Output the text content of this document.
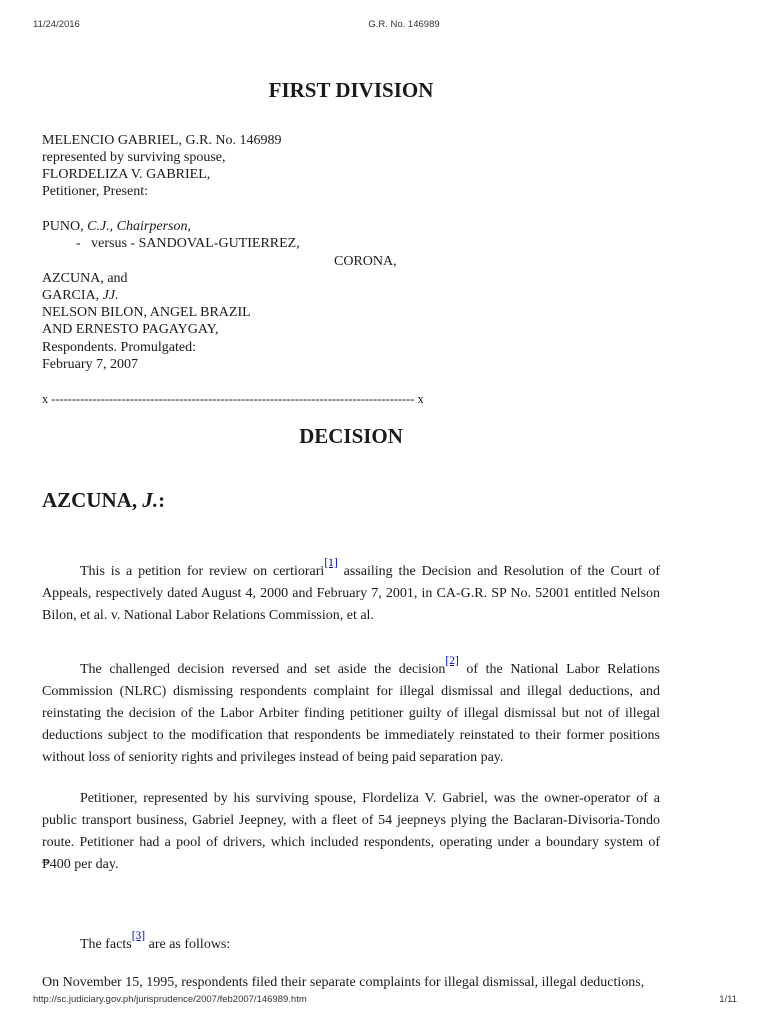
11/24/2016	G.R. No. 146989
FIRST DIVISION
MELENCIO GABRIEL, G.R. No. 146989
represented by surviving spouse,
FLORDELIZA V. GABRIEL,
Petitioner, Present:
PUNO, C.J., Chairperson,
-   versus - SANDOVAL-GUTIERREZ,
CORONA,
AZCUNA, and
GARCIA, JJ.
NELSON BILON, ANGEL BRAZIL
AND ERNESTO PAGAYGAY,
Respondents. Promulgated:
February 7, 2007
x ---------------------------------------------------------------------------------------- x
DECISION
AZCUNA, J.:

This is a petition for review on certiorari[1] assailing the Decision and Resolution of the Court of Appeals, respectively dated August 4, 2000 and February 7, 2001, in CA-G.R. SP No. 52001 entitled Nelson Bilon, et al. v. National Labor Relations Commission, et al.

The challenged decision reversed and set aside the decision[2] of the National Labor Relations Commission (NLRC) dismissing respondents complaint for illegal dismissal and illegal deductions, and reinstating the decision of the Labor Arbiter finding petitioner guilty of illegal dismissal but not of illegal deductions subject to the modification that respondents be immediately reinstated to their former positions without loss of seniority rights and privileges instead of being paid separation pay.

Petitioner, represented by his surviving spouse, Flordeliza V. Gabriel, was the owner-operator of a public transport business, Gabriel Jeepney, with a fleet of 54 jeepneys plying the Baclaran-Divisoria-Tondo route. Petitioner had a pool of drivers, which included respondents, operating under a boundary system of ₱400 per day.

The facts[3] are as follows:

On November 15, 1995, respondents filed their separate complaints for illegal dismissal, illegal deductions,

http://sc.judiciary.gov.ph/jurisprudence/2007/feb2007/146989.htm	1/11
